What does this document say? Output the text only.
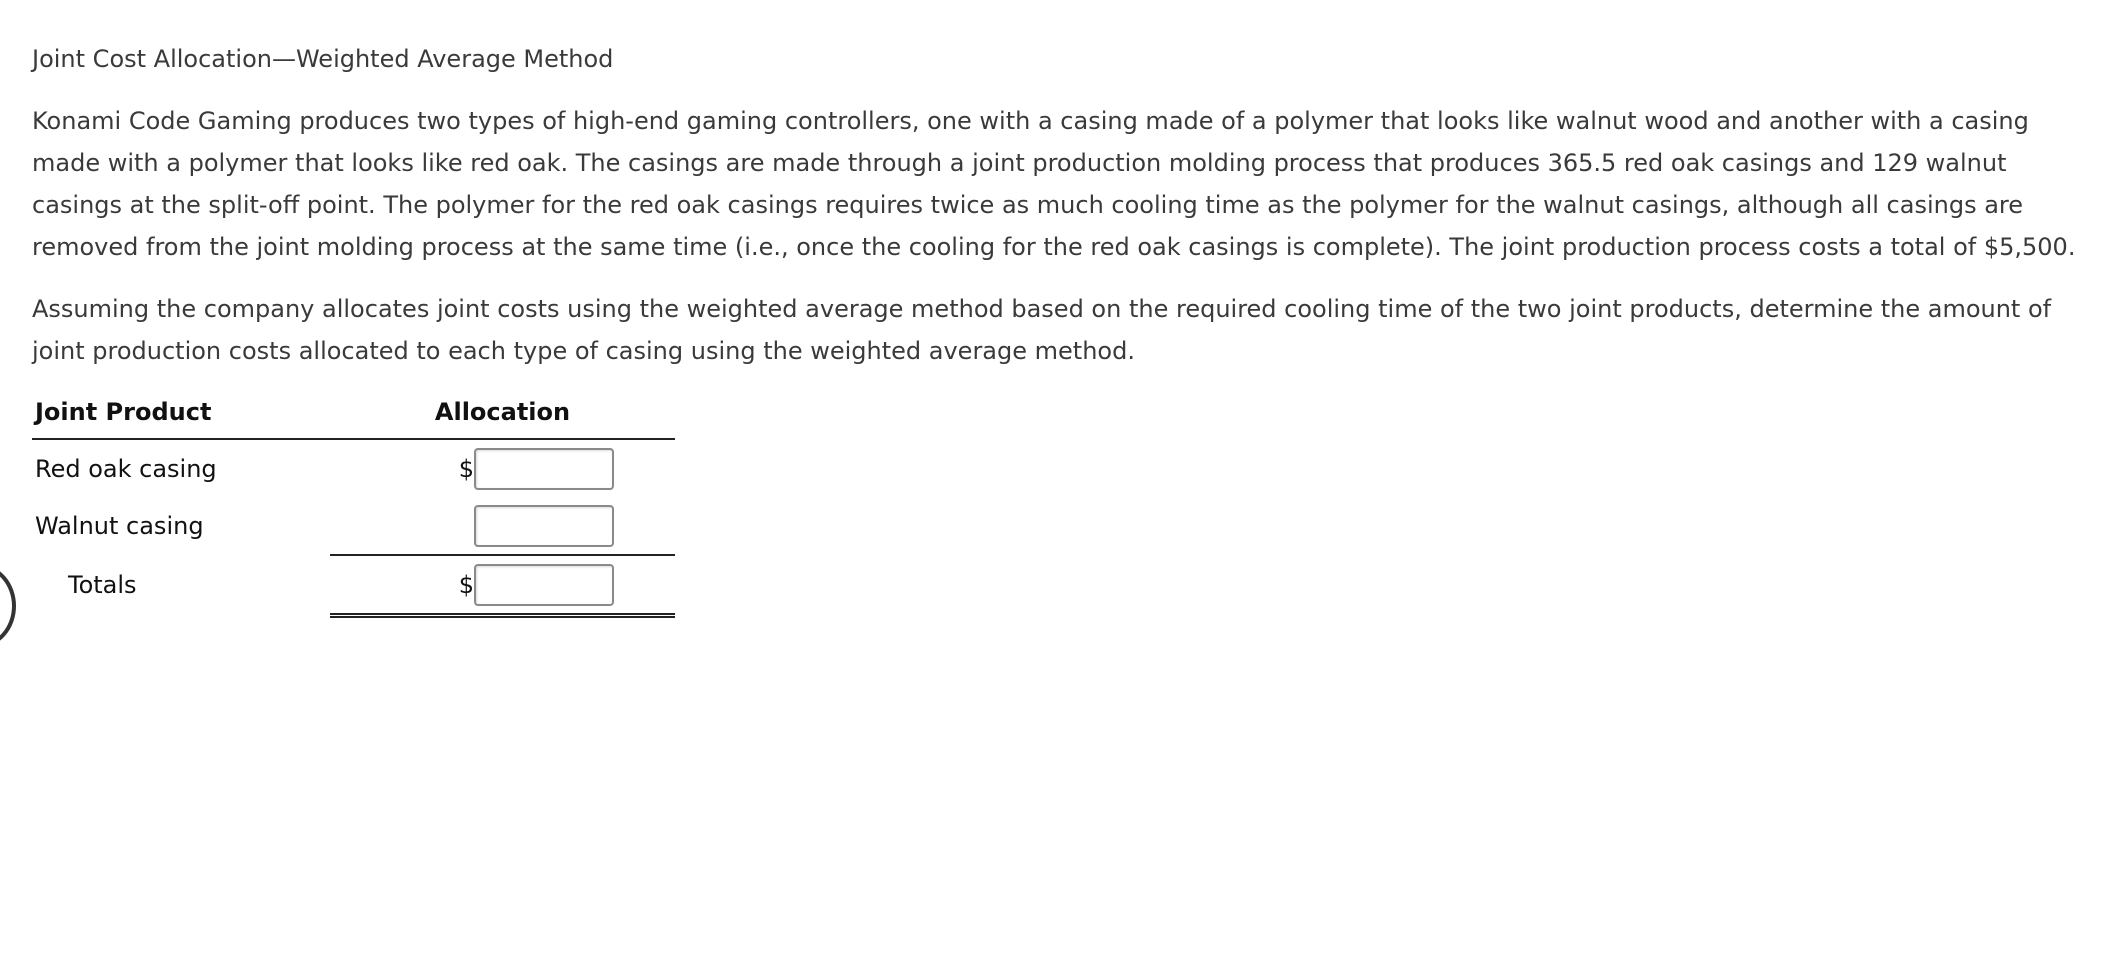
Joint Cost Allocation—Weighted Average Method

Konami Code Gaming produces two types of high-end gaming controllers, one with a casing made of a polymer that looks like walnut wood and another with a casing made with a polymer that looks like red oak. The casings are made through a joint production molding process that produces 365.5 red oak casings and 129 walnut casings at the split-off point. The polymer for the red oak casings requires twice as much cooling time as the polymer for the walnut casings, although all casings are removed from the joint molding process at the same time (i.e., once the cooling for the red oak casings is complete). The joint production process costs a total of $5,500.

Assuming the company allocates joint costs using the weighted average method based on the required cooling time of the two joint products, determine the amount of joint production costs allocated to each type of casing using the weighted average method.

Joint Product	Allocation
Red oak casing	$

Walnut casing	

Totals	$
